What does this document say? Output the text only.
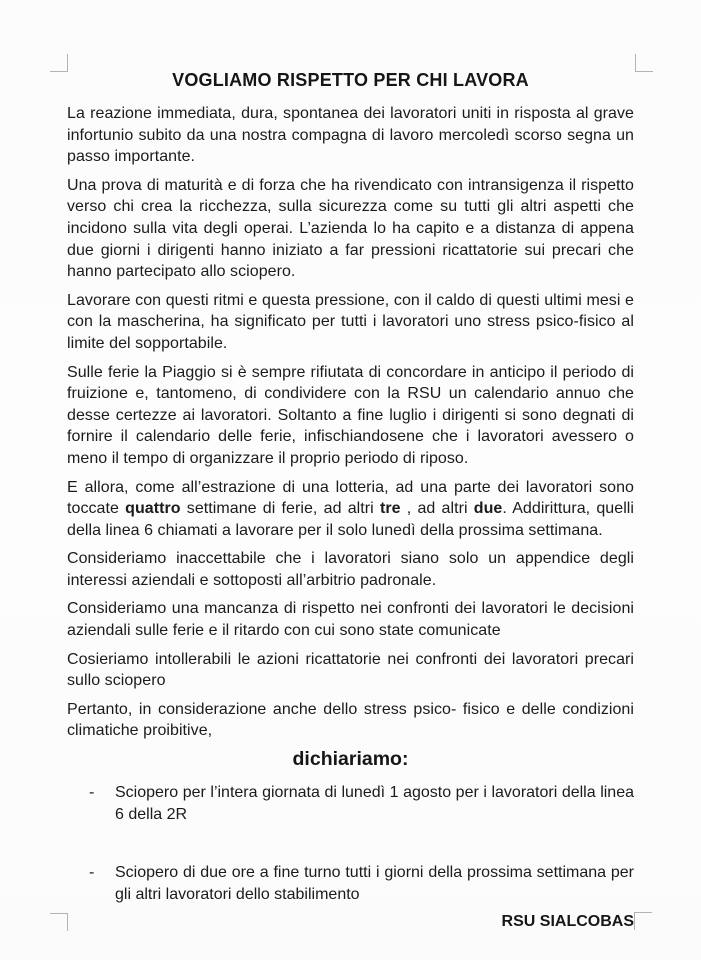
VOGLIAMO RISPETTO PER CHI LAVORA

La reazione immediata, dura, spontanea dei lavoratori uniti in risposta al grave infortunio subito da una nostra compagna di lavoro mercoledì scorso segna un passo importante.

Una prova di maturità e di forza che ha rivendicato con intransigenza il rispetto verso chi crea la ricchezza, sulla sicurezza come su tutti gli altri aspetti che incidono sulla vita degli operai. L’azienda lo ha capito e a distanza di appena due giorni i dirigenti hanno iniziato a far pressioni ricattatorie sui precari che hanno partecipato allo sciopero.

Lavorare con questi ritmi e questa pressione, con il caldo di questi ultimi mesi e con la mascherina, ha significato per tutti i lavoratori uno stress psico-fisico al limite del sopportabile.

Sulle ferie la Piaggio si è sempre rifiutata di concordare in anticipo il periodo di fruizione e, tantomeno, di condividere con la RSU un calendario annuo che desse certezze ai lavoratori. Soltanto a fine luglio i dirigenti si sono degnati di fornire il calendario delle ferie, infischiandosene che i lavoratori avessero o meno il tempo di organizzare il proprio periodo di riposo.

E allora, come all’estrazione di una lotteria, ad una parte dei lavoratori sono toccate quattro settimane di ferie, ad altri tre , ad altri due. Addirittura, quelli della linea 6 chiamati a lavorare per il solo lunedì della prossima settimana.

Consideriamo inaccettabile che i lavoratori siano solo un appendice degli interessi aziendali e sottoposti all’arbitrio padronale.

Consideriamo una mancanza di rispetto nei confronti dei lavoratori le decisioni aziendali sulle ferie e il ritardo con cui sono state comunicate

Cosieriamo intollerabili le azioni ricattatorie nei confronti dei lavoratori precari sullo sciopero

Pertanto, in considerazione anche dello stress psico- fisico e delle condizioni climatiche proibitive,

dichiariamo:
-	Sciopero per l’intera giornata di lunedì 1 agosto per i lavoratori della linea 6 della 2R
-	Sciopero di due ore a fine turno tutti i giorni della prossima settimana per gli altri lavoratori dello stabilimento
RSU SIALCOBAS
